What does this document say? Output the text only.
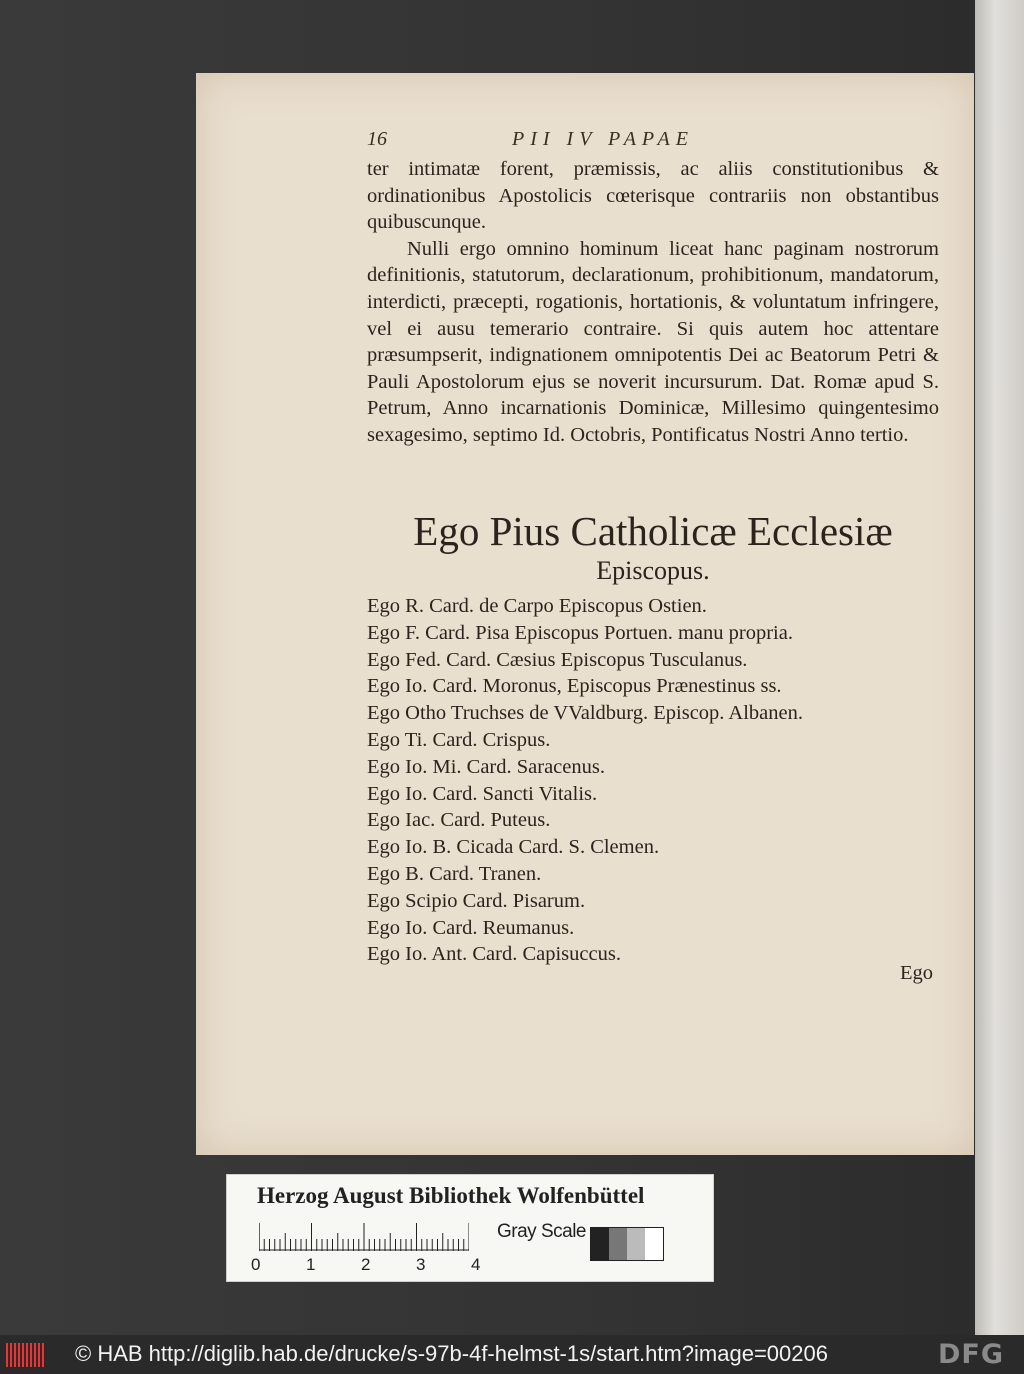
16	PII IV PAPAE

ter intimatæ forent, præmissis, ac aliis constitutionibus & ordinationibus Apostolicis cœterisque contrariis non obstantibus quibuscunque.

Nulli ergo omnino hominum liceat hanc paginam nostrorum definitionis, statutorum, declarationum, prohibitionum, mandatorum, interdicti, præcepti, rogationis, hortationis, & voluntatum infringere, vel ei ausu temerario contraire. Si quis autem hoc attentare præsumpserit, indignationem omnipotentis Dei ac Beatorum Petri & Pauli Apostolorum ejus se noverit incursurum. Dat. Romæ apud S. Petrum, Anno incarnationis Dominicæ, Millesimo quingentesimo sexagesimo, septimo Id. Octobris, Pontificatus Nostri Anno tertio.

Ego Pius Catholicæ Ecclesiæ
Episcopus.
Ego R. Card. de Carpo Episcopus Ostien.
Ego F. Card. Pisa Episcopus Portuen. manu propria.
Ego Fed. Card. Cæsius Episcopus Tusculanus.
Ego Io. Card. Moronus, Episcopus Prænestinus ss.
Ego Otho Truchses de VValdburg. Episcop. Albanen.
Ego Ti. Card. Crispus.
Ego Io. Mi. Card. Saracenus.
Ego Io. Card. Sancti Vitalis.
Ego Iac. Card. Puteus.
Ego Io. B. Cicada Card. S. Clemen.
Ego B. Card. Tranen.
Ego Scipio Card. Pisarum.
Ego Io. Card. Reumanus.
Ego Io. Ant. Card. Capisuccus.
Ego
Herzog August Bibliothek Wolfenbüttel
0	1	2	3	4
Gray Scale
© HAB http://diglib.hab.de/drucke/s-97b-4f-helmst-1s/start.htm?image=00206	DFG
